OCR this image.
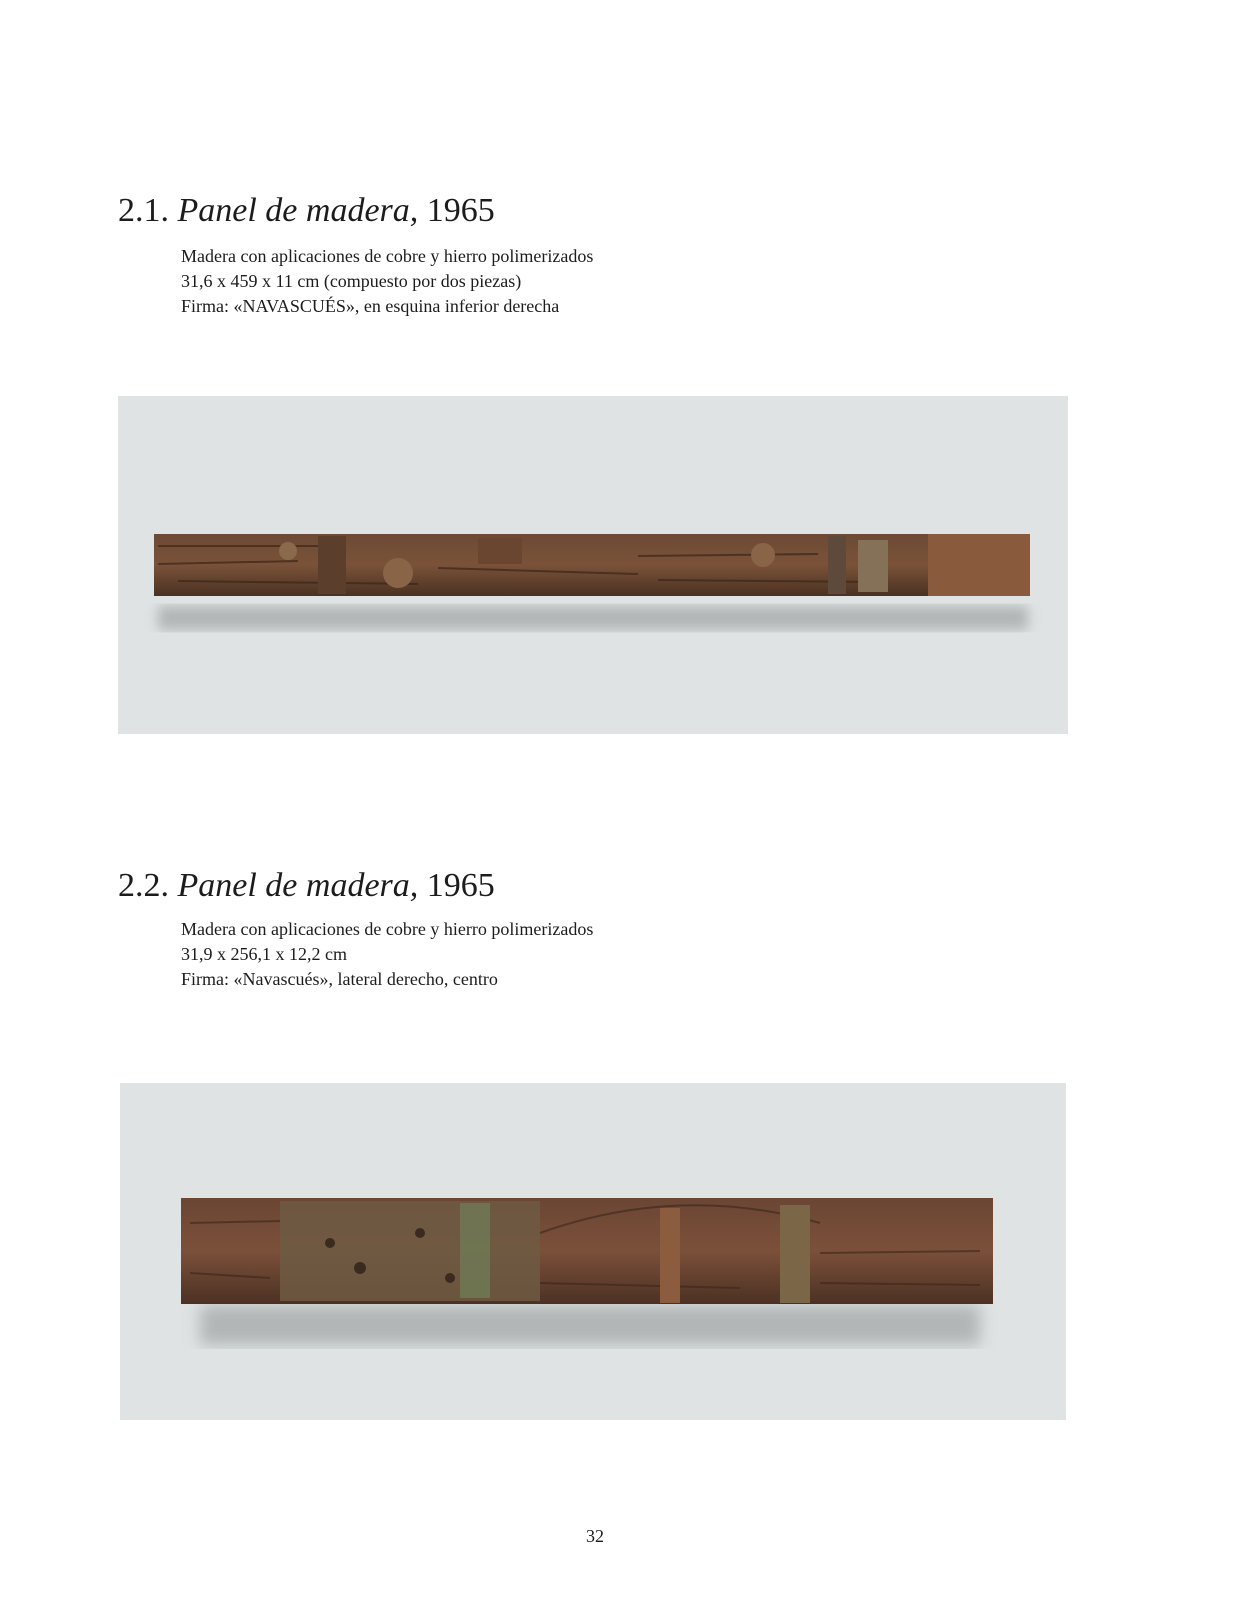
2.1. Panel de madera, 1965
Madera con aplicaciones de cobre y hierro polimerizados
31,6 x 459 x 11 cm (compuesto por dos piezas)
Firma: «NAVASCUÉS», en esquina inferior derecha
2.2. Panel de madera, 1965
Madera con aplicaciones de cobre y hierro polimerizados
31,9 x 256,1 x 12,2 cm
Firma: «Navascués», lateral derecho, centro
32
